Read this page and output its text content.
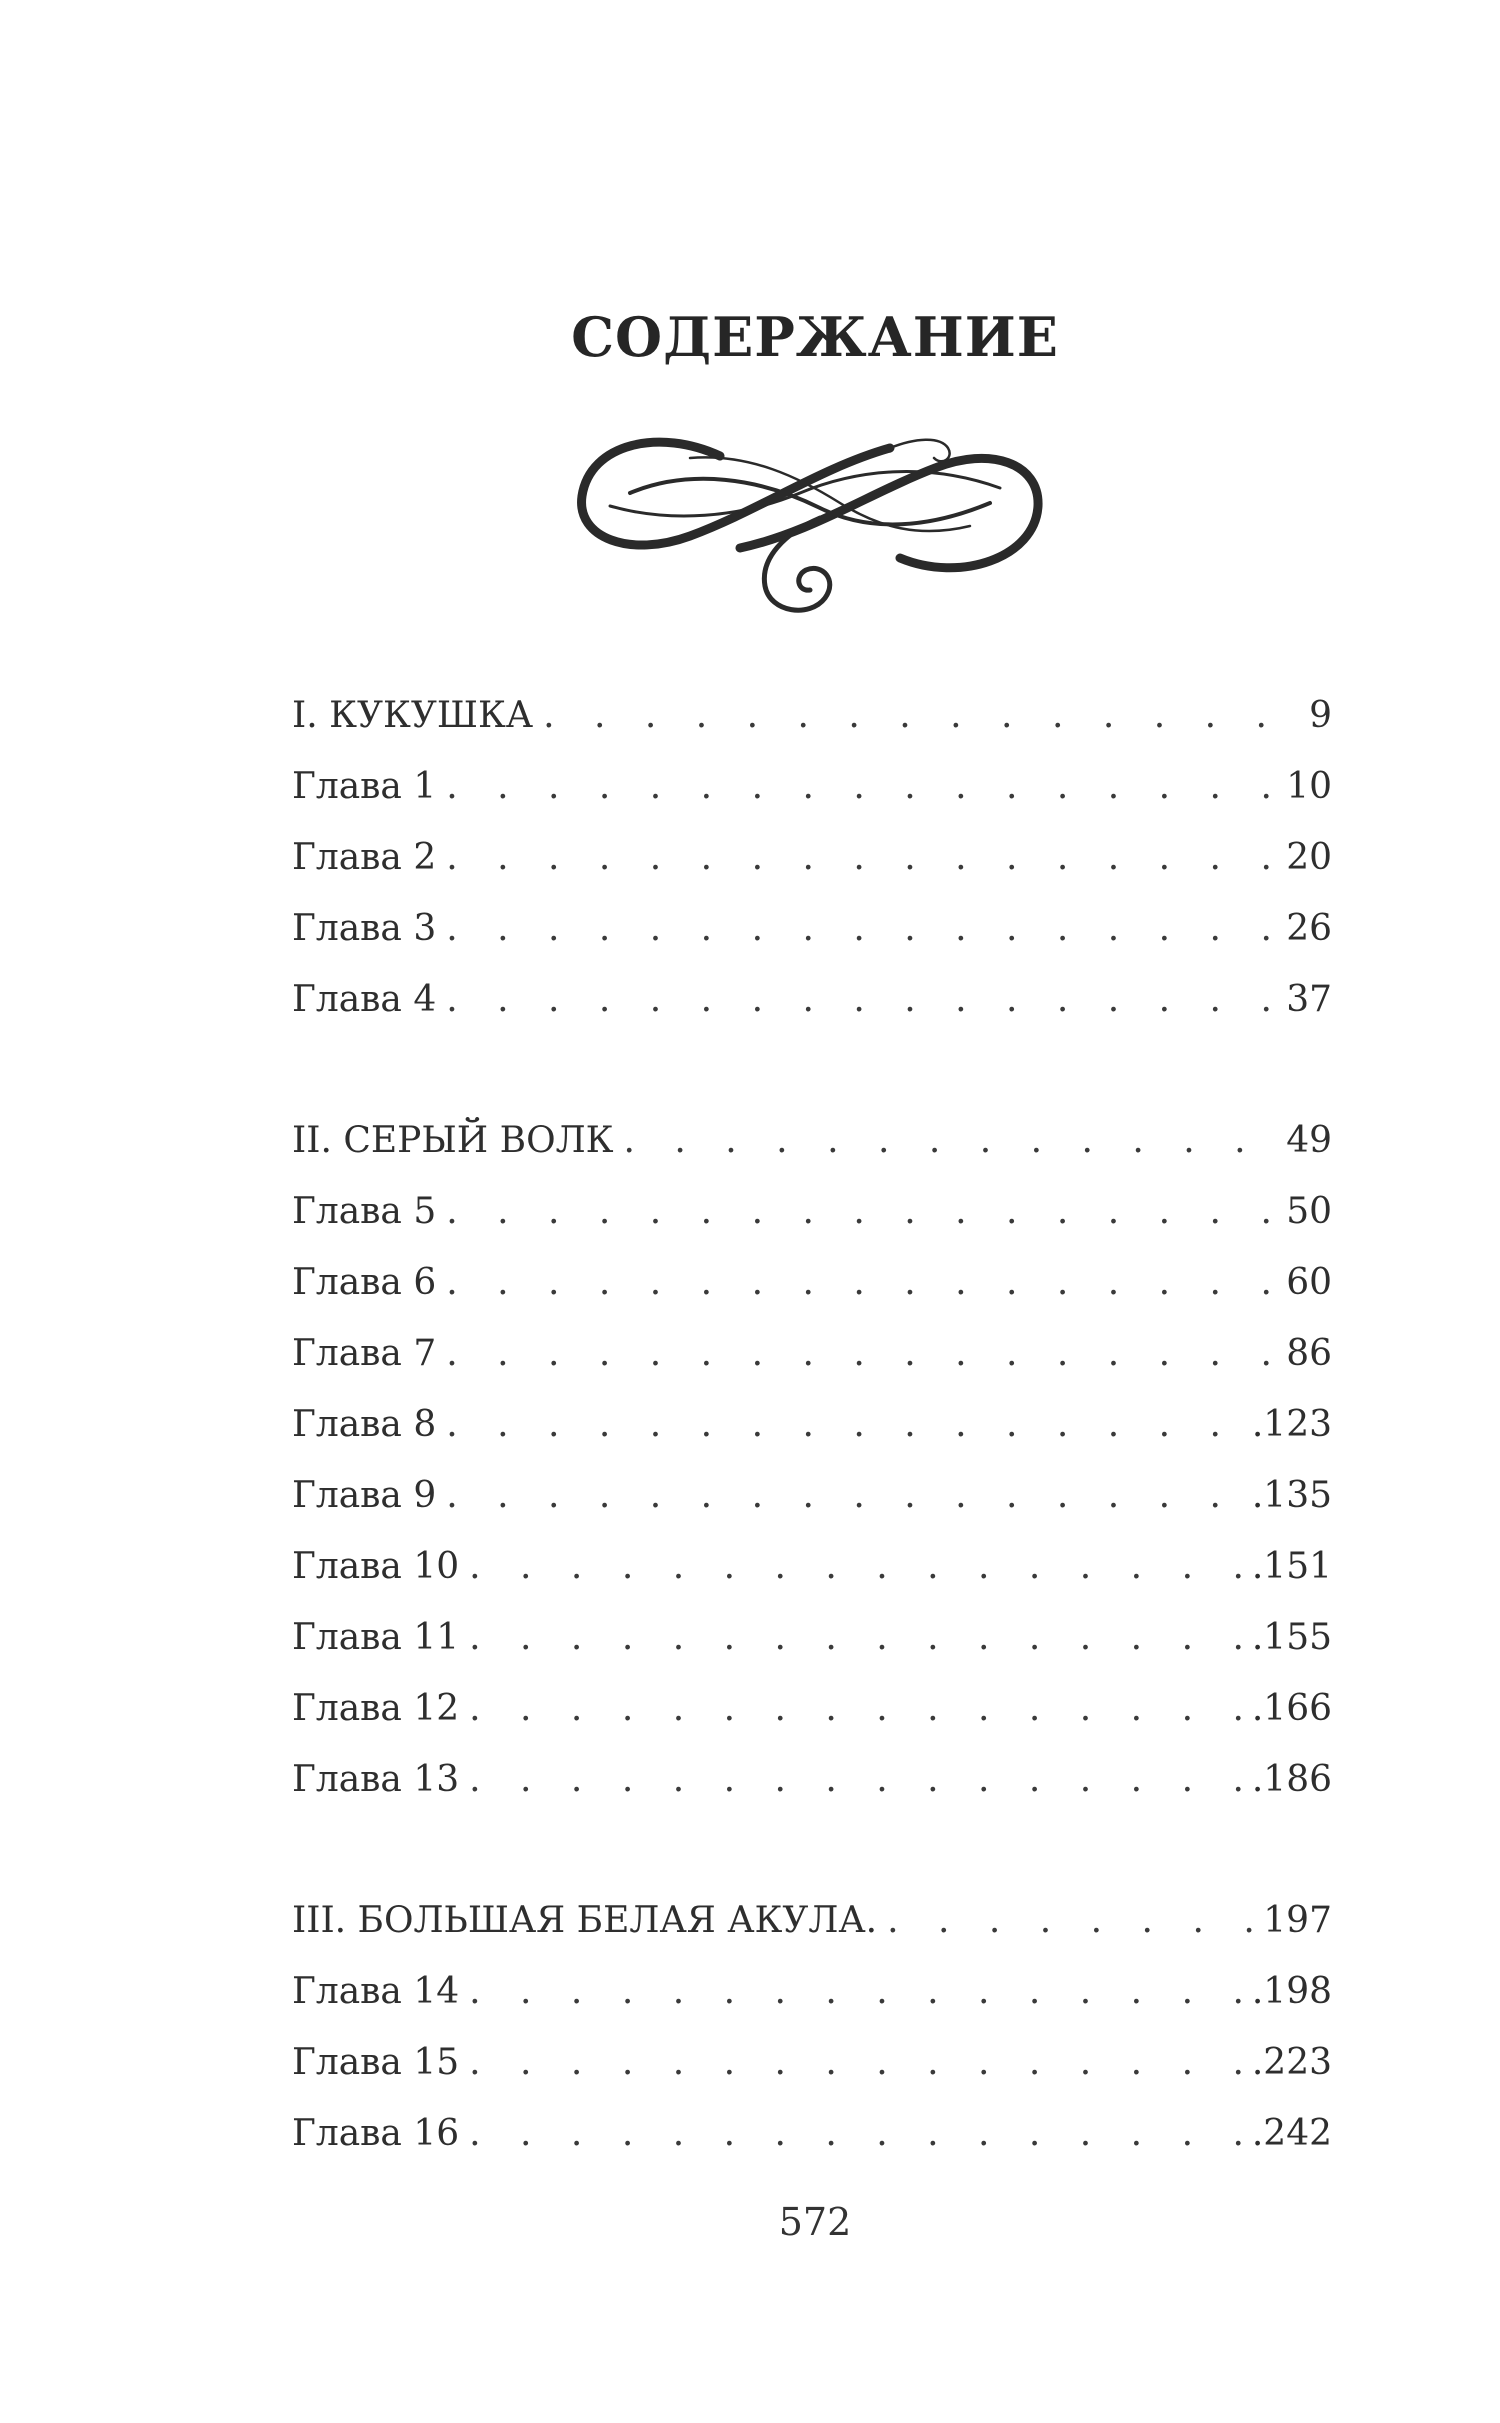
СОДЕРЖАНИЕ
I. КУКУШКА . . .	9
Глава 1 . . .	10
Глава 2 . . .	20
Глава 3 . . .	26
Глава 4 . . .	37
II. СЕРЫЙ ВОЛК . . .	49
Глава 5 . . .	50
Глава 6 . . .	60
Глава 7 . . .	86
Глава 8 . . .	.123
Глава 9 . . .	.135
Глава 10 . . .	.151
Глава 11 . . .	.155
Глава 12 . . .	.166
Глава 13 . . .	.186
III. БОЛЬШАЯ БЕЛАЯ АКУЛА. . . .	197
Глава 14 . . .	.198
Глава 15 . . .	.223
Глава 16 . . .	.242
572
